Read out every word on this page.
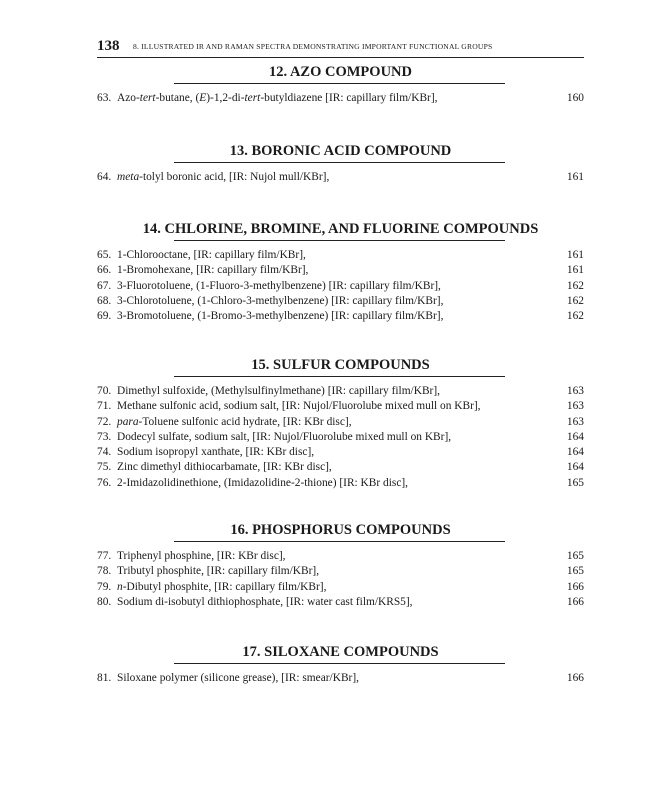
138 8. ILLUSTRATED IR AND RAMAN SPECTRA DEMONSTRATING IMPORTANT FUNCTIONAL GROUPS
12. AZO COMPOUND
63. Azo-tert-butane, (E)-1,2-di-tert-butyldiazene [IR: capillary film/KBr],	160
13. BORONIC ACID COMPOUND
64. meta-tolyl boronic acid, [IR: Nujol mull/KBr],	161
14. CHLORINE, BROMINE, AND FLUORINE COMPOUNDS
65. 1-Chlorooctane, [IR: capillary film/KBr],	161
66. 1-Bromohexane, [IR: capillary film/KBr],	161
67. 3-Fluorotoluene, (1-Fluoro-3-methylbenzene) [IR: capillary film/KBr],	162
68. 3-Chlorotoluene, (1-Chloro-3-methylbenzene) [IR: capillary film/KBr],	162
69. 3-Bromotoluene, (1-Bromo-3-methylbenzene) [IR: capillary film/KBr],	162
15. SULFUR COMPOUNDS
70. Dimethyl sulfoxide, (Methylsulfinylmethane) [IR: capillary film/KBr],	163
71. Methane sulfonic acid, sodium salt, [IR: Nujol/Fluorolube mixed mull on KBr],	163
72. para-Toluene sulfonic acid hydrate, [IR: KBr disc],	163
73. Dodecyl sulfate, sodium salt, [IR: Nujol/Fluorolube mixed mull on KBr],	164
74. Sodium isopropyl xanthate, [IR: KBr disc],	164
75. Zinc dimethyl dithiocarbamate, [IR: KBr disc],	164
76. 2-Imidazolidinethione, (Imidazolidine-2-thione) [IR: KBr disc],	165
16. PHOSPHORUS COMPOUNDS
77. Triphenyl phosphine, [IR: KBr disc],	165
78. Tributyl phosphite, [IR: capillary film/KBr],	165
79. n-Dibutyl phosphite, [IR: capillary film/KBr],	166
80. Sodium di-isobutyl dithiophosphate, [IR: water cast film/KRS5],	166
17. SILOXANE COMPOUNDS
81. Siloxane polymer (silicone grease), [IR: smear/KBr],	166
